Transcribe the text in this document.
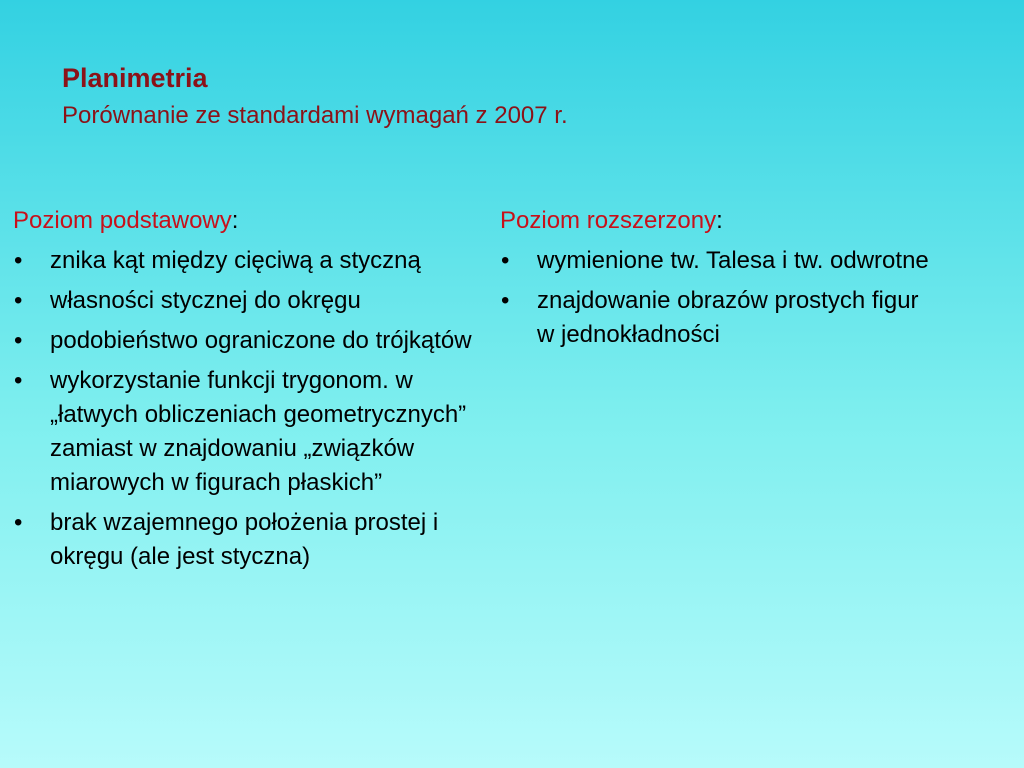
Planimetria
Porównanie ze standardami wymagań z 2007 r.
Poziom podstawowy:
• znika kąt między cięciwą a styczną
• własności stycznej do okręgu
• podobieństwo ograniczone do trójkątów
• wykorzystanie funkcji trygonom. w „łatwych obliczeniach geometrycznych” zamiast w znajdowaniu „związków miarowych w figurach płaskich”
• brak wzajemnego położenia prostej i okręgu (ale jest styczna)
Poziom rozszerzony:
• wymienione tw. Talesa i tw. odwrotne
• znajdowanie obrazów prostych figur w jednokładności
